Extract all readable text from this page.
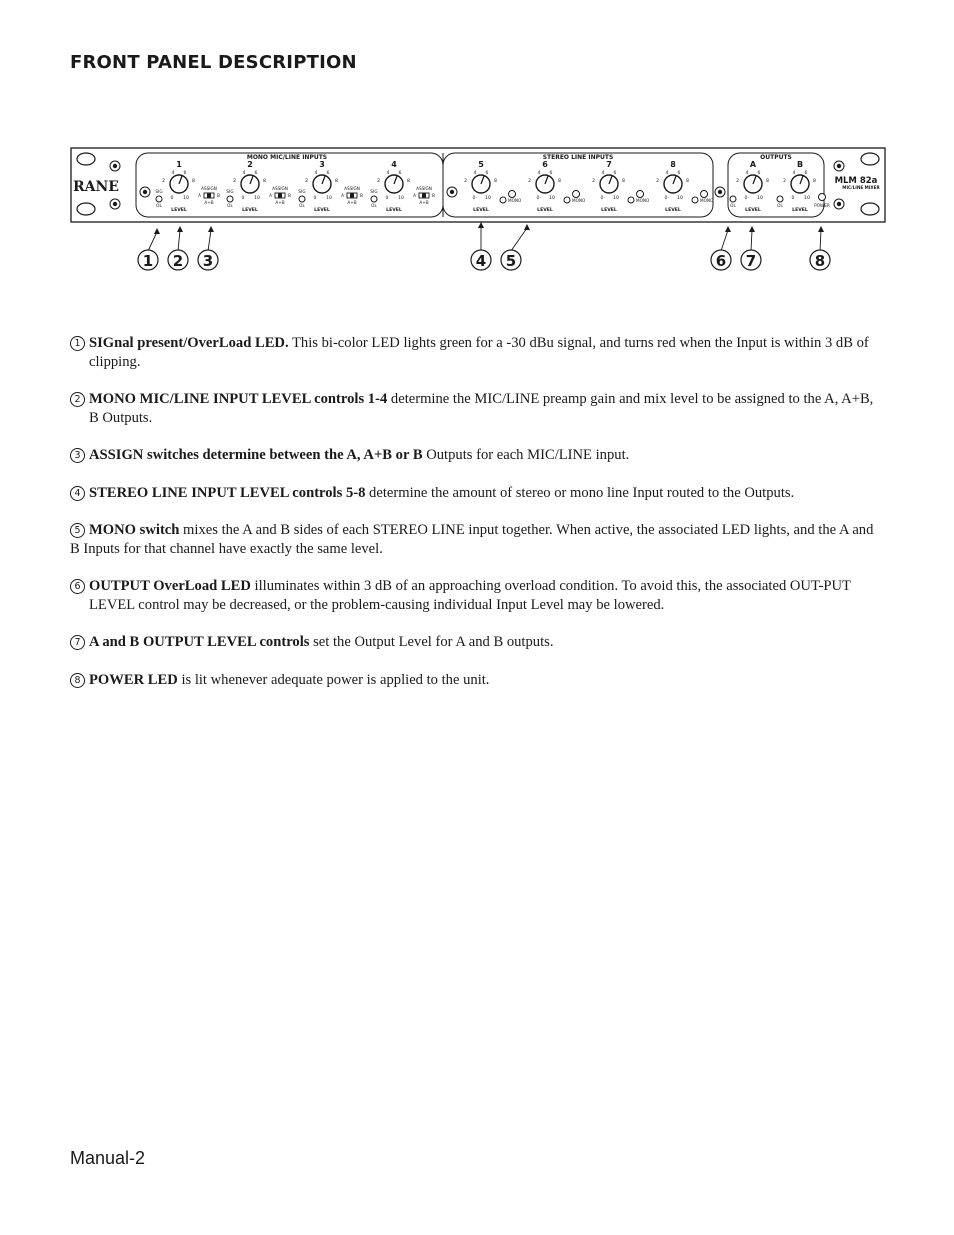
FRONT PANEL DESCRIPTION
1
2
4 6
8
0 10
LEVEL
2
2
4 6
8
0 10
LEVEL
3
2
4 6
8
0 10
LEVEL
4
2
4 6
8
0 10
LEVEL
5
2
4 6
8
0 10
LEVEL
6
2
4 6
8
0 10
LEVEL
7
2
4 6
8
0 10
LEVEL
8
2
4 6
8
0 10
LEVEL
A
2
4 6
8
0 10
LEVEL
B
2
4 6
8
0 10
LEVEL
SIG
OL
SIG
OL
SIG
OL
SIG
OL
MONO	MONO	MONO	MONO
OL	OL	POWER
ASSIGN
A	B
A+B
ASSIGN
A	B
A+B
ASSIGN
A	B
A+B
ASSIGN
A	B
A+B
RANE
MONO MIC/LINE INPUTS	STEREO LINE INPUTS	OUTPUTS
MLM 82a
MIC/LINE MIXER
1 2 3	4 5	6 7	8

1 SIGnal present/OverLoad LED. This bi-color LED lights green for a -30 dBu signal, and turns red when the Input is within 3 dB of clipping.

2 MONO MIC/LINE INPUT LEVEL controls 1-4 determine the MIC/LINE preamp gain and mix level to be assigned to the A, A+B, B Outputs.

3 ASSIGN switches determine between the A, A+B or B Outputs for each MIC/LINE input.

4 STEREO LINE INPUT LEVEL controls 5-8 determine the amount of stereo or mono line Input routed to the Outputs.

5 MONO switch mixes the A and B sides of each STEREO LINE input together. When active, the associated LED lights, and the A and B Inputs for that channel have exactly the same level.

6 OUTPUT OverLoad LED illuminates within 3 dB of an approaching overload condition. To avoid this, the associated OUT-PUT LEVEL control may be decreased, or the problem-causing individual Input Level may be lowered.

7 A and B OUTPUT LEVEL controls set the Output Level for A and B outputs.

8 POWER LED is lit whenever adequate power is applied to the unit.

Manual-2
